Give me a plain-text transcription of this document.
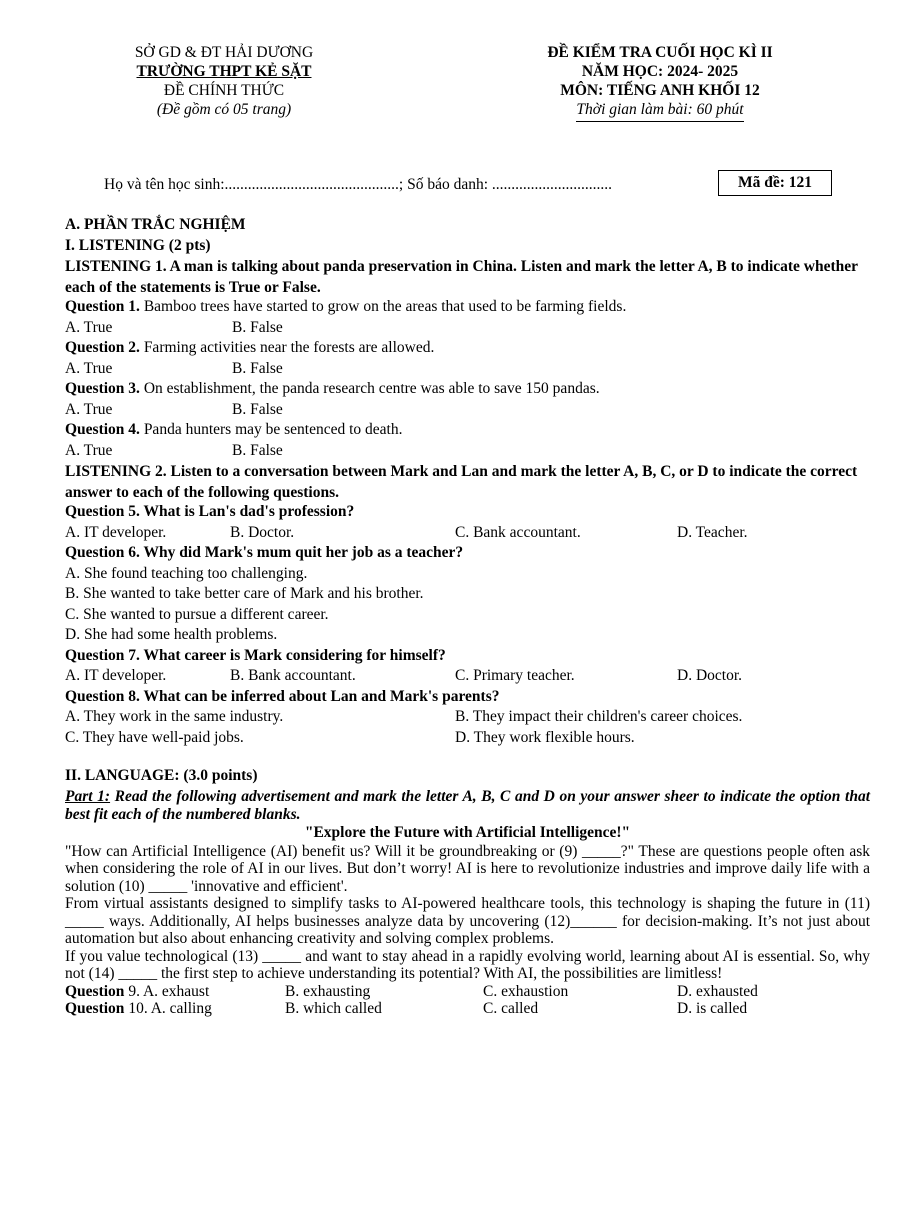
SỞ GD & ĐT HẢI DƯƠNG
TRƯỜNG THPT KẺ SẶT
ĐỀ CHÍNH THỨC
(Đề gồm có 05 trang)
ĐỀ KIỂM TRA CUỐI HỌC KÌ II
NĂM HỌC: 2024- 2025
MÔN: TIẾNG ANH KHỐI 12
Thời gian làm bài: 60 phút
Họ và tên học sinh:.............................................; Số báo danh: ...............................	Mã đề: 121
A. PHẦN TRẮC NGHIỆM
I. LISTENING (2 pts)
LISTENING 1. A man is talking about panda preservation in China. Listen and mark the letter A, B to indicate whether each of the statements is True or False.
Question 1. Bamboo trees have started to grow on the areas that used to be farming fields.
A. True	B. False
Question 2. Farming activities near the forests are allowed.
A. True	B. False
Question 3. On establishment, the panda research centre was able to save 150 pandas.
A. True	B. False
Question 4. Panda hunters may be sentenced to death.
A. True	B. False
LISTENING 2. Listen to a conversation between Mark and Lan and mark the letter A, B, C, or D to indicate the correct answer to each of the following questions.
Question 5. What is Lan's dad's profession?
A. IT developer.	B. Doctor.	C. Bank accountant.	D. Teacher.
Question 6. Why did Mark's mum quit her job as a teacher?
A. She found teaching too challenging.
B. She wanted to take better care of Mark and his brother.
C. She wanted to pursue a different career.
D. She had some health problems.
Question 7. What career is Mark considering for himself?
A. IT developer.	B. Bank accountant.	C. Primary teacher.	D. Doctor.
Question 8. What can be inferred about Lan and Mark's parents?
A. They work in the same industry.	B. They impact their children's career choices.
C. They have well-paid jobs.	D. They work flexible hours.
II. LANGUAGE: (3.0 points)
Part 1: Read the following advertisement and mark the letter A, B, C and D on your answer sheer to indicate the option that best fit each of the numbered blanks.
"Explore the Future with Artificial Intelligence!"
"How can Artificial Intelligence (AI) benefit us? Will it be groundbreaking or (9) _____?" These are questions people often ask when considering the role of AI in our lives. But don’t worry! AI is here to revolutionize industries and improve daily life with a solution (10) _____ 'innovative and efficient'.
From virtual assistants designed to simplify tasks to AI-powered healthcare tools, this technology is shaping the future in (11) _____ ways. Additionally, AI helps businesses analyze data by uncovering (12)______ for decision-making. It’s not just about automation but also about enhancing creativity and solving complex problems.
If you value technological (13) _____ and want to stay ahead in a rapidly evolving world, learning about AI is essential. So, why not (14) _____ the first step to achieve understanding its potential? With AI, the possibilities are limitless!
Question 9. A. exhaust	B. exhausting	C. exhaustion	D. exhausted
Question 10. A. calling	B. which called	C. called	D. is called
